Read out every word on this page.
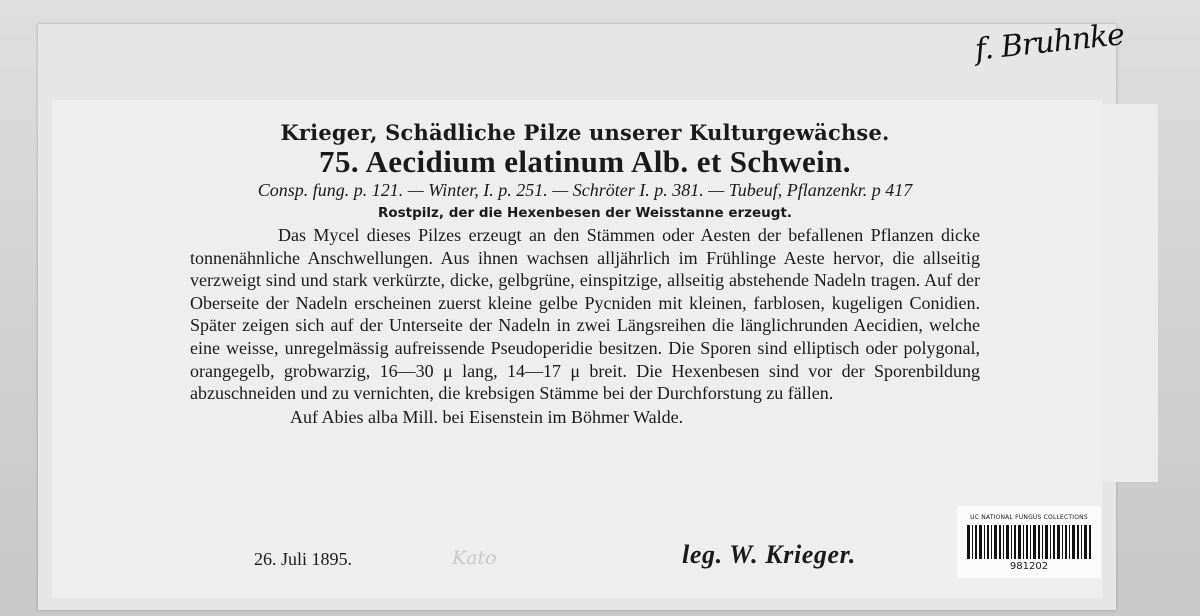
f. Bruhnke

Krieger, Schädliche Pilze unserer Kulturgewächse.

75. Aecidium elatinum Alb. et Schwein.

Consp. fung. p. 121. — Winter, I. p. 251. — Schröter I. p. 381. — Tubeuf, Pflanzenkr. p 417

Rostpilz, der die Hexenbesen der Weisstanne erzeugt.

Das Mycel dieses Pilzes erzeugt an den Stämmen oder Aesten der befallenen Pflanzen dicke tonnenähnliche Anschwellungen. Aus ihnen wachsen alljährlich im Frühlinge Aeste hervor, die allseitig verzweigt sind und stark verkürzte, dicke, gelbgrüne, einspitzige, allseitig abstehende Nadeln tragen. Auf der Oberseite der Nadeln erscheinen zuerst kleine gelbe Pycniden mit kleinen, farblosen, kugeligen Conidien. Später zeigen sich auf der Unterseite der Nadeln in zwei Längsreihen die länglichrunden Aecidien, welche eine weisse, unregelmässig aufreissende Pseudoperidie besitzen. Die Sporen sind elliptisch oder polygonal, orangegelb, grobwarzig, 16—30 μ lang, 14—17 μ breit. Die Hexenbesen sind vor der Sporenbildung abzuschneiden und zu vernichten, die krebsigen Stämme bei der Durchforstung zu fällen.

Auf Abies alba Mill. bei Eisenstein im Böhmer Walde.

26. Juli 1895.	Kato	leg. W. Krieger.
UC NATIONAL FUNGUS COLLECTIONS
981202
